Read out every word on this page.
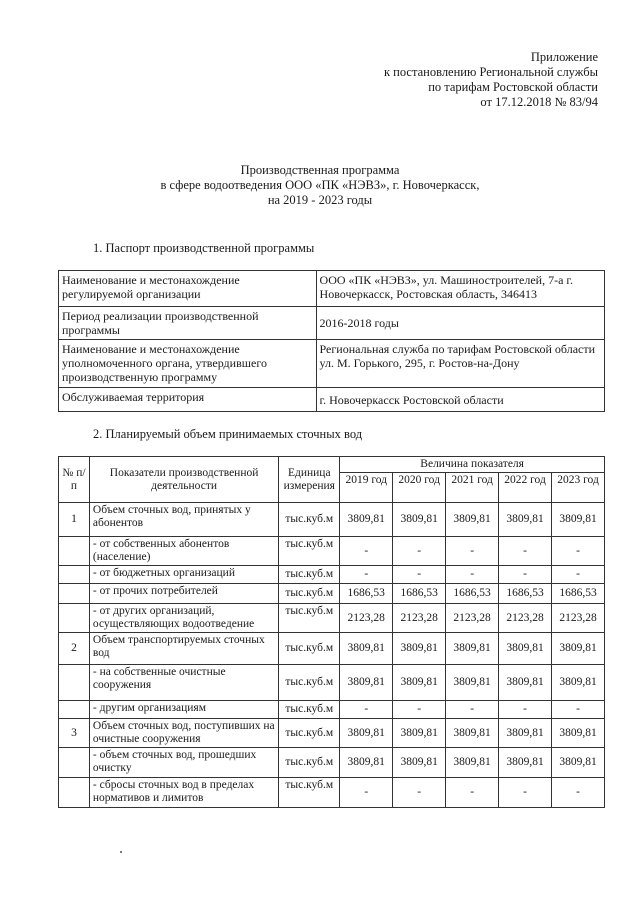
Приложение
к постановлению Региональной службы
по тарифам Ростовской области
от 17.12.2018 № 83/94
Производственная программа
в сфере водоотведения ООО «ПК «НЭВЗ», г. Новочеркасск,
на 2019 - 2023 годы
1. Паспорт производственной программы
Наименование и местонахождение регулируемой организации	ООО «ПК «НЭВЗ», ул. Машиностроителей, 7-а г. Новочеркасск, Ростовская область, 346413
Период реализации производственной программы	2016-2018 годы
Наименование и местонахождение уполномоченного органа, утвердившего производственную программу	Региональная служба по тарифам Ростовской области ул. М. Горького, 295, г. Ростов-на-Дону
Обслуживаемая территория	г. Новочеркасск Ростовской области
2. Планируемый объем принимаемых сточных вод
№ п/п	Показатели производственной деятельности	Единица измерения	Величина показателя				
			2019 год	2020 год	2021 год	2022 год	2023 год
1	Объем сточных вод, принятых у абонентов	тыс.куб.м	3809,81	3809,81	3809,81	3809,81	3809,81
	- от собственных абонентов (население)	тыс.куб.м	-	-	-	-	-
	- от бюджетных организаций	тыс.куб.м	-	-	-	-	-
	- от прочих потребителей	тыс.куб.м	1686,53	1686,53	1686,53	1686,53	1686,53
	- от других организаций, осуществляющих водоотведение	тыс.куб.м	2123,28	2123,28	2123,28	2123,28	2123,28
2	Объем транспортируемых сточных вод	тыс.куб.м	3809,81	3809,81	3809,81	3809,81	3809,81
	- на собственные очистные сооружения	тыс.куб.м	3809,81	3809,81	3809,81	3809,81	3809,81
	- другим организациям	тыс.куб.м	-	-	-	-	-
3	Объем сточных вод, поступивших на очистные сооружения	тыс.куб.м	3809,81	3809,81	3809,81	3809,81	3809,81
	- объем сточных вод, прошедших очистку	тыс.куб.м	3809,81	3809,81	3809,81	3809,81	3809,81
	- сбросы сточных вод в пределах нормативов и лимитов	тыс.куб.м	-	-	-	-	-
